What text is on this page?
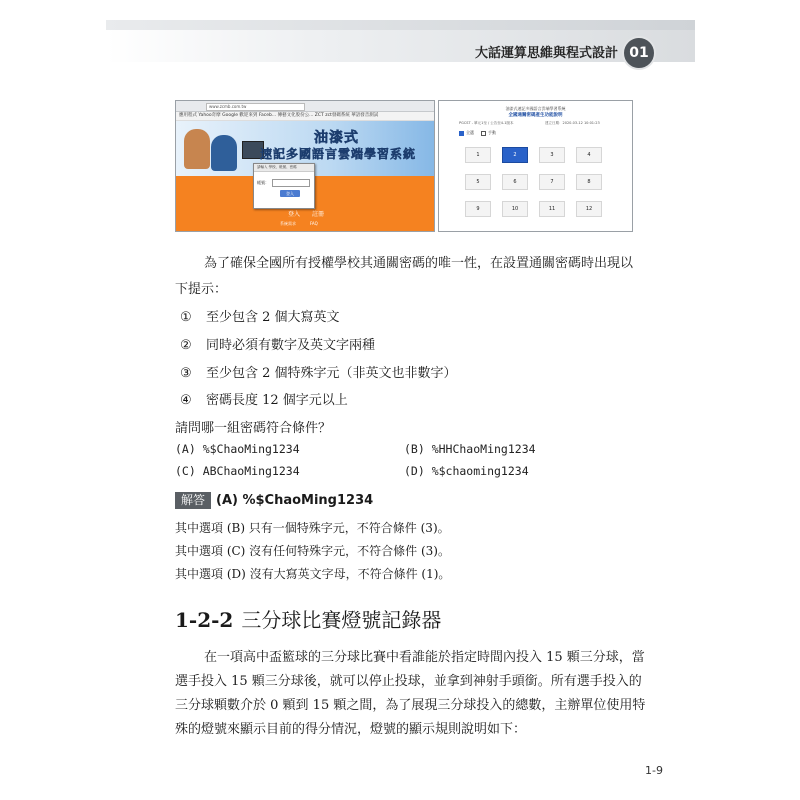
大話運算思維與程式設計 01
www.zcmb.com.tw
應用程式 Yahoo奇摩 Google 歡迎來到 Faceb... 傳藝文化股份公... ZCT zct發碼系統 華語發音測試
油漆式
速記多國語言雲端學習系統
請輸入 學校、帳號、密碼
帳號：
登入
登入 註冊
系統需求	FAQ
油漆式速記多國語言雲端學習系統
全國通關密碼產生功能說明
PGCST - 單元1至 / 公告至4-1版本	建立日期：2020-03-12 10:01:23
全選	手動
1	2	3	4
5	6	7	8
9	10	11	12
為了確保全國所有授權學校其通關密碼的唯一性，在設置通關密碼時出現以
下提示：
① 至少包含 2 個大寫英文
② 同時必須有數字及英文字兩種
③ 至少包含 2 個特殊字元（非英文也非數字）
④ 密碼長度 12 個字元以上
請問哪一組密碼符合條件？
(A) %$ChaoMing1234	(B) %HHChaoMing1234
(C) ABChaoMing1234	(D) %$chaoming1234
解答 (A) %$ChaoMing1234
其中選項 (B) 只有一個特殊字元，不符合條件 (3)。
其中選項 (C) 沒有任何特殊字元，不符合條件 (3)。
其中選項 (D) 沒有大寫英文字母，不符合條件 (1)。
1-2-2 三分球比賽燈號記錄器
在一項高中盃籃球的三分球比賽中看誰能於指定時間內投入 15 顆三分球，當
選手投入 15 顆三分球後，就可以停止投球，並拿到神射手頭銜。所有選手投入的
三分球顆數介於 0 顆到 15 顆之間，為了展現三分球投入的總數，主辦單位使用特
殊的燈號來顯示目前的得分情況，燈號的顯示規則說明如下：
1-9
